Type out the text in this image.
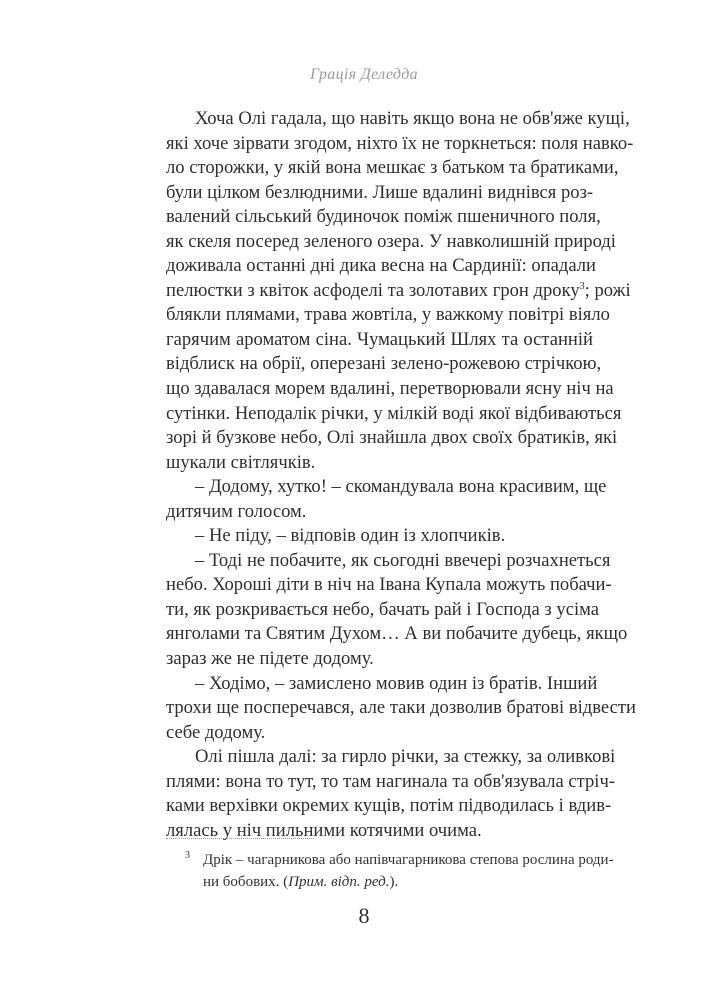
Грація Деледда
Хоча Олі гадала, що навіть якщо вона не обв'яже кущі,
які хоче зірвати згодом, ніхто їх не торкнеться: поля навко-
ло сторожки, у якій вона мешкає з батьком та братиками,
були цілком безлюдними. Лише вдалині виднівся роз-
валений сільський будиночок поміж пшеничного поля,
як скеля посеред зеленого озера. У навколишній природі
доживала останні дні дика весна на Сардинії: опадали
пелюстки з квіток асфоделі та золотавих грон дроку$^3$; рожі
блякли плямами, трава жовтіла, у важкому повітрі віяло
гарячим ароматом сіна. Чумацький Шлях та останній
відблиск на обрії, оперезані зелено-рожевою стрічкою,
що здавалася морем вдалині, перетворювали ясну ніч на
сутінки. Неподалік річки, у мілкій воді якої відбиваються
зорі й бузкове небо, Олі знайшла двох своїх братиків, які
шукали світлячків.
– Додому, хутко! – скомандувала вона красивим, ще
дитячим голосом.
– Не піду, – відповів один із хлопчиків.
– Тоді не побачите, як сьогодні ввечері розчахнеться
небо. Хороші діти в ніч на Івана Купала можуть побачи-
ти, як розкривається небо, бачать рай і Господа з усіма
янголами та Святим Духом… А ви побачите дубець, якщо
зараз же не підете додому.
– Ходімо, – замислено мовив один із братів. Інший
трохи ще посперечався, але таки дозволив братові відвести
себе додому.
Олі пішла далі: за гирло річки, за стежку, за оливкові
плями: вона то тут, то там нагинала та обв'язувала стріч-
ками верхівки окремих кущів, потім підводилась і вдив-
лялась у ніч пильними котячими очима.
3 Дрік – чагарникова або напівчагарникова степова рослина роди-
ни бобових. (Прим. відп. ред.).
8
